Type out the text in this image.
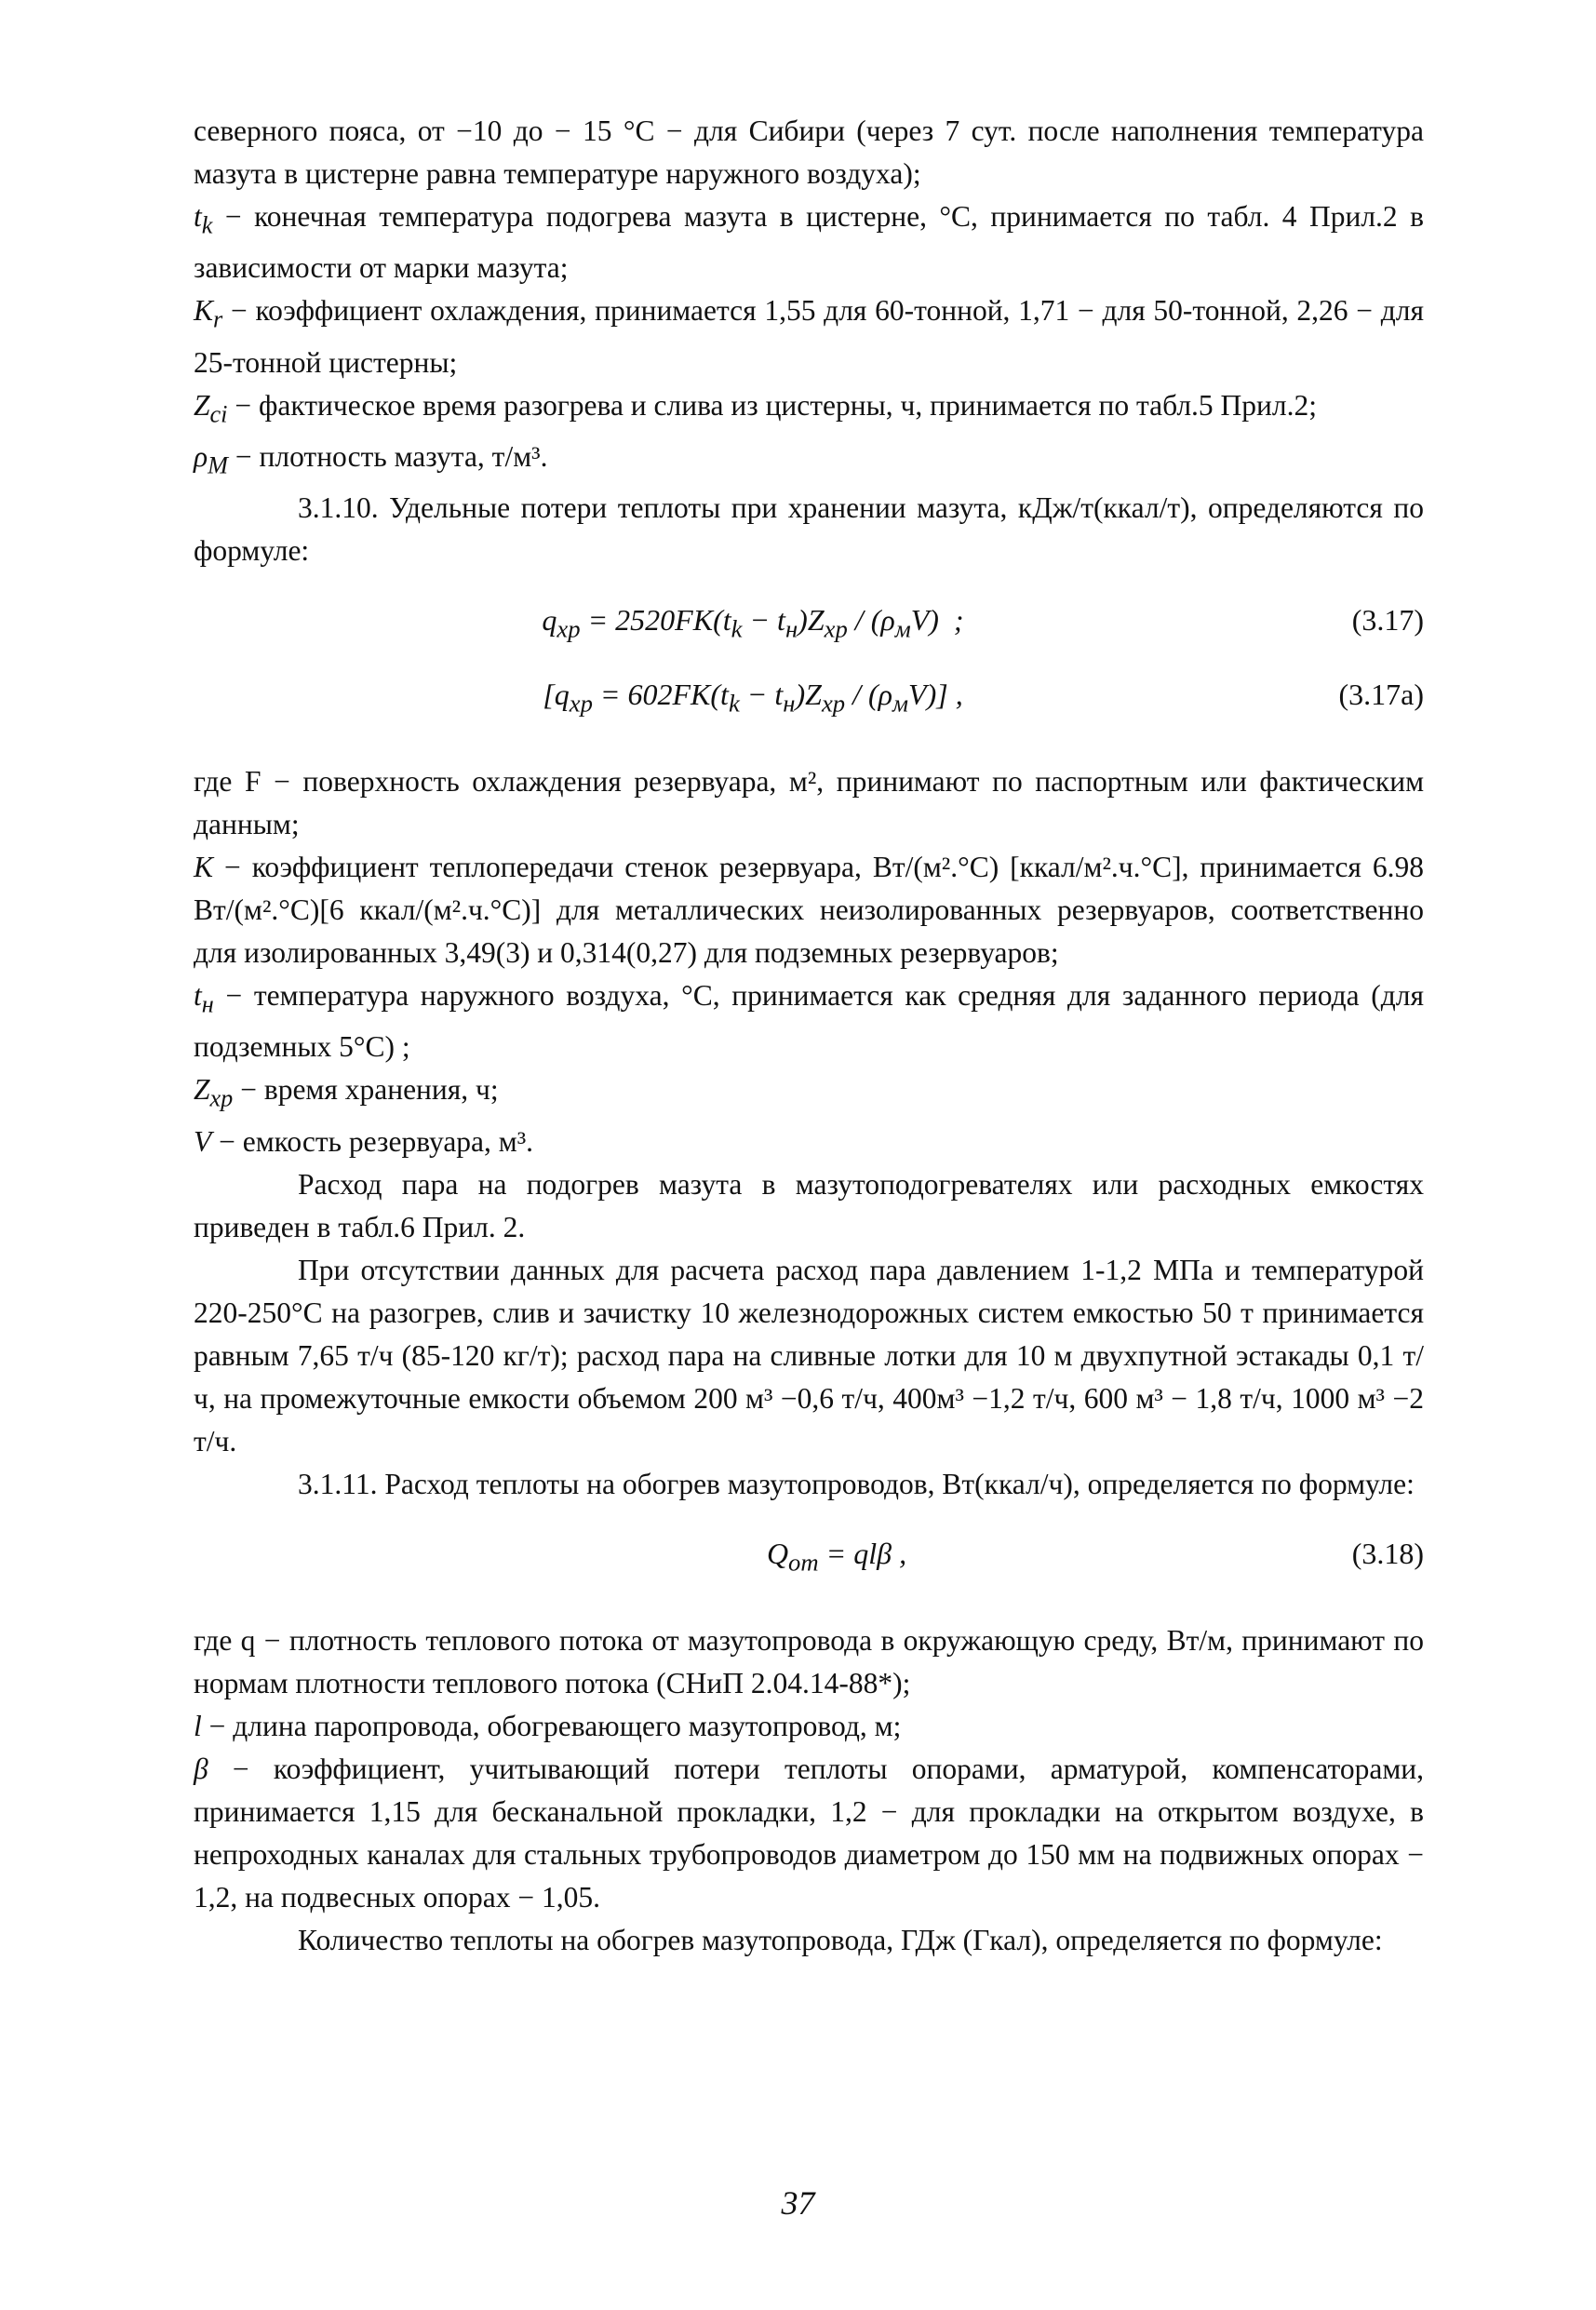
северного пояса, от −10 до − 15 °С − для Сибири (через 7 сут. после наполнения температура мазута в цистерне равна температуре наружного воздуха);

$t_k$ − конечная температура подогрева мазута в цистерне, °С, принимается по табл. 4 Прил.2 в зависимости от марки мазута;

$K_r$ − коэффициент охлаждения, принимается 1,55 для 60-тонной, 1,71 − для 50-тонной, 2,26 − для 25-тонной цистерны;

$Z_{ci}$ − фактическое время разогрева и слива из цистерны, ч, принимается по табл.5 Прил.2;

$\rho_M$ − плотность мазута, т/м³.

3.1.10. Удельные потери теплоты при хранении мазута, кДж/т(ккал/т), определяются по формуле:

$q_{xp} = 2520FK(t_k - t_н)Z_{xp} / (\rho_мV)$  ;	(3.17)
$[q_{xp} = 602FK(t_k - t_н)Z_{xp} / (\rho_мV)]$ ,	(3.17a)

где F − поверхность охлаждения резервуара, м², принимают по паспортным или фактическим данным;

K − коэффициент теплопередачи стенок резервуара, Вт/(м².°С) [ккал/м².ч.°С], принимается 6.98 Вт/(м².°С)[6 ккал/(м².ч.°С)] для металлических неизолированных резервуаров, соответственно для изолированных 3,49(3) и 0,314(0,27) для подземных резервуаров;

$t_н$ − температура наружного воздуха, °С, принимается как средняя для заданного периода (для подземных 5°С) ;

$Z_{xp}$ − время хранения, ч;

V − емкость резервуара, м³.

Расход пара на подогрев мазута в мазутоподогревателях или расходных емкостях приведен в табл.6 Прил. 2.

При отсутствии данных для расчета расход пара давлением 1-1,2 МПа и температурой 220-250°С на разогрев, слив и зачистку 10 железнодорожных систем емкостью 50 т принимается равным 7,65 т/ч (85-120 кг/т); расход пара на сливные лотки для 10 м двухпутной эстакады 0,1 т/ч, на промежуточные емкости объемом 200 м³ −0,6 т/ч, 400м³ −1,2 т/ч, 600 м³ − 1,8 т/ч, 1000 м³ −2 т/ч.

3.1.11. Расход теплоты на обогрев мазутопроводов, Вт(ккал/ч), определяется по формуле:

$Q_{om} = ql\beta$ ,	(3.18)

где q − плотность теплового потока от мазутопровода в окружающую среду, Вт/м, принимают по нормам плотности теплового потока (СНиП 2.04.14-88*);

l − длина паропровода, обогревающего мазутопровод, м;

β − коэффициент, учитывающий потери теплоты опорами, арматурой, компенсаторами, принимается 1,15 для бесканальной прокладки, 1,2 − для прокладки на открытом воздухе, в непроходных каналах для стальных трубопроводов диаметром до 150 мм на подвижных опорах − 1,2, на подвесных опорах − 1,05.

Количество теплоты на обогрев мазутопровода, ГДж (Гкал), определяется по формуле:

37
